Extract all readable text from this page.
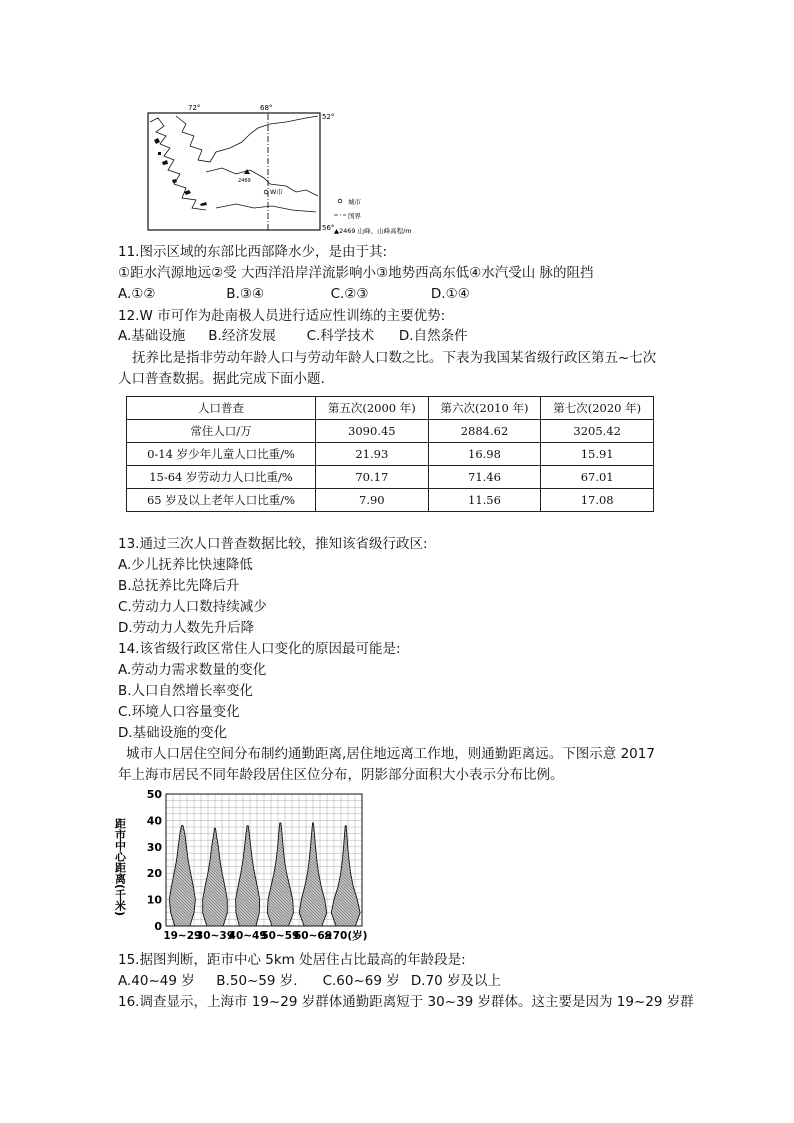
72°	68°
52°
56°
2469
W市
城市
国界
▲2469 山峰、山峰高程/m
11.图示区域的东部比西部降水少，是由于其:
①距水汽源地远②受 大西洋沿岸洋流影响小③地势西高东低④水汽受山 脉的阻挡
A.①②	B.③④	C.②③	D.①④
12.W 市可作为赴南极人员进行适应性训练的主要优势:
A.基础设施 B.经济发展 C.科学技术 D.自然条件
抚养比是指非劳动年龄人口与劳动年龄人口数之比。下表为我国某省级行政区第五~七次
人口普查数据。据此完成下面小题.
人口普查	第五次(2000 年)	第六次(2010 年)	第七次(2020 年)
常住人口/万	3090.45	2884.62	3205.42
0-14 岁少年儿童人口比重/%	21.93	16.98	15.91
15-64 岁劳动力人口比重/%	70.17	71.46	67.01
65 岁及以上老年人口比重/%	7.90	11.56	17.08
13.通过三次人口普查数据比较，推知该省级行政区:
A.少儿抚养比快速降低
B.总抚养比先降后升
C.劳动力人口数持续减少
D.劳动力人数先升后降
14.该省级行政区常住人口变化的原因最可能是:
A.劳动力需求数量的变化
B.人口自然增长率变化
C.环境人口容量变化
D.基础设施的变化
城市人口居住空间分布制约通勤距离,居住地远离工作地，则通勤距离远。下图示意 2017
年上海市居民不同年龄段居住区位分布，阴影部分面积大小表示分布比例。
0
10
20
30
40
50
19~29
30~39
40~49
50~59
60~69
≥70(岁)
距市中心距离(千米)
15.据图判断，距市中心 5km 处居住占比最高的年龄段是:
A.40~49 岁 B.50~59 岁. C.60~69 岁 D.70 岁及以上
16.调查显示，上海市 19~29 岁群体通勤距离短于 30~39 岁群体。这主要是因为 19~29 岁群
